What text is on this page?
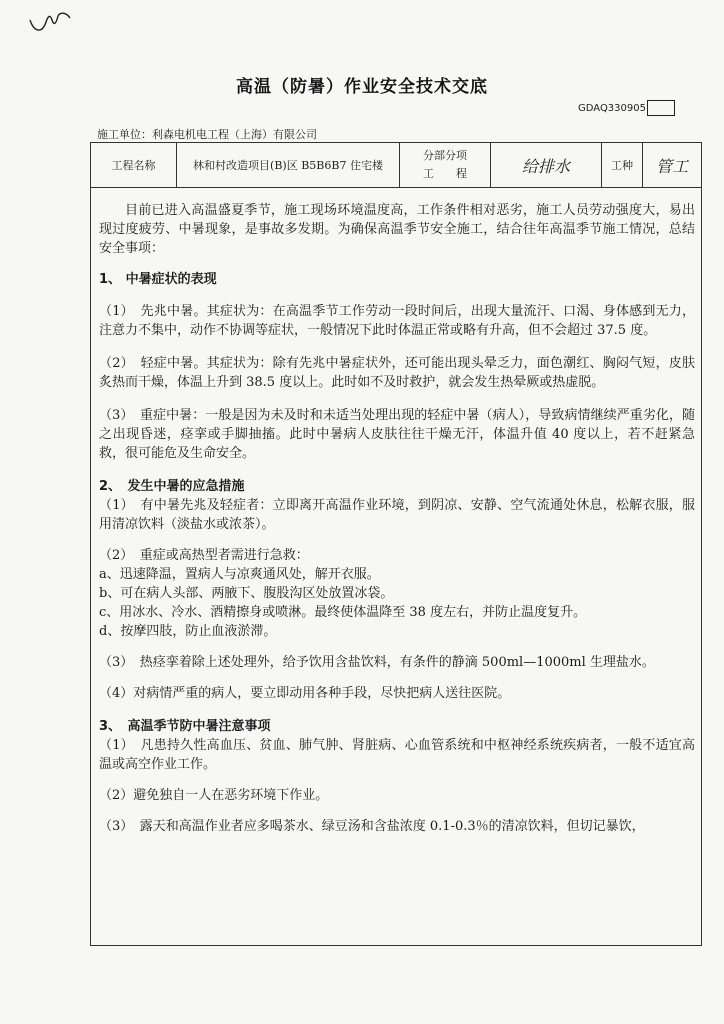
高温（防暑）作业安全技术交底
GDAQ330905
施工单位：利森电机电工程（上海）有限公司
工程名称	林和村改造项目(B)区 B5B6B7 住宅楼
分部分项
工　　程	给排水	工种	管工

目前已进入高温盛夏季节，施工现场环境温度高，工作条件相对恶劣，施工人员劳动强度大，易出现过度疲劳、中暑现象，是事故多发期。为确保高温季节安全施工，结合往年高温季节施工情况，总结安全事项：

1、 中暑症状的表现

（1）　先兆中暑。其症状为：在高温季节工作劳动一段时间后，出现大量流汗、口渴、身体感到无力，注意力不集中，动作不协调等症状，一般情况下此时体温正常或略有升高，但不会超过 37.5 度。

（2）　轻症中暑。其症状为：除有先兆中暑症状外，还可能出现头晕乏力，面色潮红、胸闷气短，皮肤炙热而干燥，体温上升到 38.5 度以上。此时如不及时救护，就会发生热晕厥或热虚脱。

（3）　重症中暑：一般是因为未及时和未适当处理出现的轻症中暑（病人），导致病情继续严重劣化，随之出现昏迷，痉挛或手脚抽搐。此时中暑病人皮肤往往干燥无汗，体温升值 40 度以上，若不赶紧急救，很可能危及生命安全。

2、　发生中暑的应急措施

（1）　有中暑先兆及轻症者：立即离开高温作业环境，到阴凉、安静、空气流通处休息，松解衣服，服用清凉饮料（淡盐水或浓茶）。

（2）　重症或高热型者需进行急救：

a、迅速降温，置病人与凉爽通风处，解开衣服。

b、可在病人头部、两腋下、腹股沟区处放置冰袋。

c、用冰水、冷水、酒精擦身或喷淋。最终使体温降至 38 度左右，并防止温度复升。

d、按摩四肢，防止血液淤滞。

（3）　热痉挛着除上述处理外，给予饮用含盐饮料，有条件的静滴 500ml—1000ml 生理盐水。

（4）对病情严重的病人，要立即动用各种手段，尽快把病人送往医院。

3、　高温季节防中暑注意事项

（1）　凡患持久性高血压、贫血、肺气肿、肾脏病、心血管系统和中枢神经系统疾病者，一般不适宜高温或高空作业工作。

（2）避免独自一人在恶劣环境下作业。

（3）　露天和高温作业者应多喝茶水、绿豆汤和含盐浓度 0.1-0.3％的清凉饮料，但切记暴饮，
